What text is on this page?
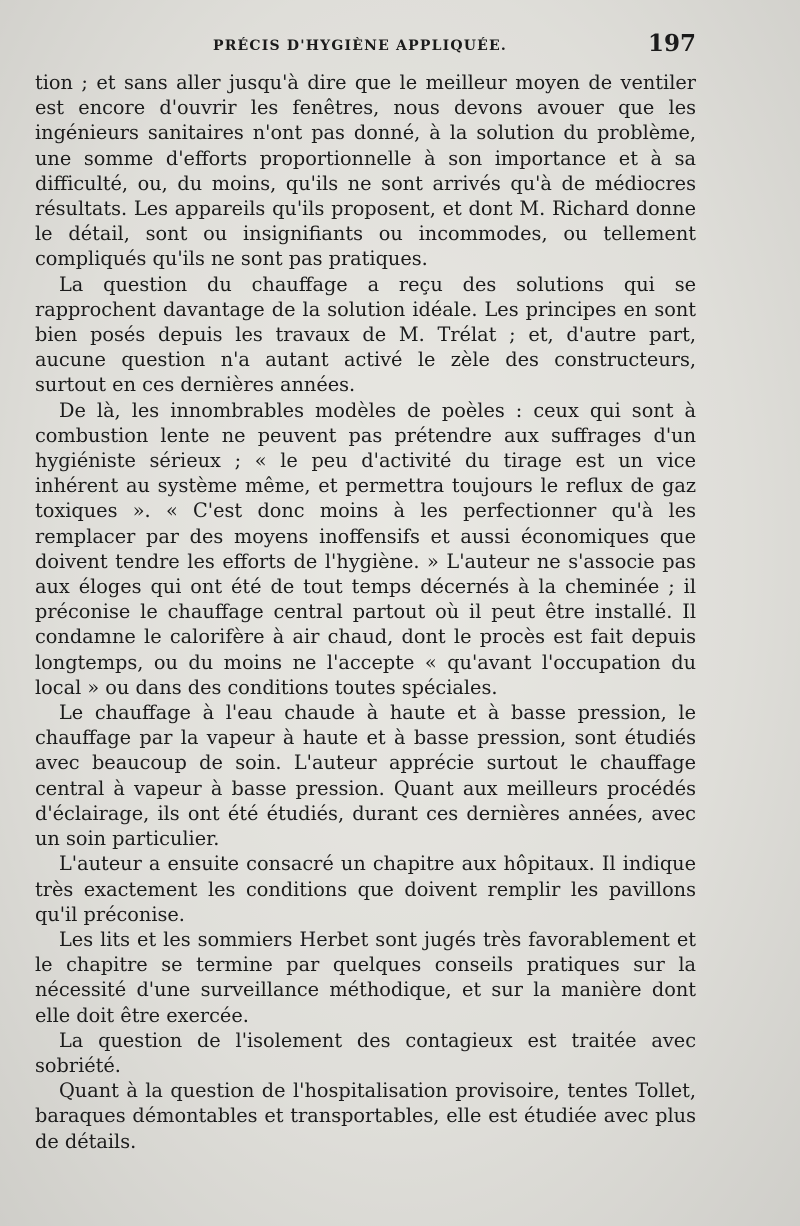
PRÉCIS D'HYGIÈNE APPLIQUÉE.	197

tion ; et sans aller jusqu'à dire que le meilleur moyen de ventiler est encore d'ouvrir les fenêtres, nous devons avouer que les ingénieurs sanitaires n'ont pas donné, à la solution du problème, une somme d'efforts proportionnelle à son importance et à sa difficulté, ou, du moins, qu'ils ne sont arrivés qu'à de médiocres résultats. Les appareils qu'ils proposent, et dont M. Richard donne le détail, sont ou insignifiants ou incommodes, ou tellement compliqués qu'ils ne sont pas pratiques.

La question du chauffage a reçu des solutions qui se rapprochent davantage de la solution idéale. Les principes en sont bien posés depuis les travaux de M. Trélat ; et, d'autre part, aucune question n'a autant activé le zèle des constructeurs, surtout en ces dernières années.

De là, les innombrables modèles de poèles : ceux qui sont à combustion lente ne peuvent pas prétendre aux suffrages d'un hygiéniste sérieux ; « le peu d'activité du tirage est un vice inhérent au système même, et permettra toujours le reflux de gaz toxiques ». « C'est donc moins à les perfectionner qu'à les remplacer par des moyens inoffensifs et aussi économiques que doivent tendre les efforts de l'hygiène. » L'auteur ne s'associe pas aux éloges qui ont été de tout temps décernés à la cheminée ; il préconise le chauffage central partout où il peut être installé. Il condamne le calorifère à air chaud, dont le procès est fait depuis longtemps, ou du moins ne l'accepte « qu'avant l'occupation du local » ou dans des conditions toutes spéciales.

Le chauffage à l'eau chaude à haute et à basse pression, le chauffage par la vapeur à haute et à basse pression, sont étudiés avec beaucoup de soin. L'auteur apprécie surtout le chauffage central à vapeur à basse pression. Quant aux meilleurs procédés d'éclairage, ils ont été étudiés, durant ces dernières années, avec un soin particulier.

L'auteur a ensuite consacré un chapitre aux hôpitaux. Il indique très exactement les conditions que doivent remplir les pavillons qu'il préconise.

Les lits et les sommiers Herbet sont jugés très favorablement et le chapitre se termine par quelques conseils pratiques sur la nécessité d'une surveillance méthodique, et sur la manière dont elle doit être exercée.

La question de l'isolement des contagieux est traitée avec sobriété.

Quant à la question de l'hospitalisation provisoire, tentes Tollet, baraques démontables et transportables, elle est étudiée avec plus de détails.
